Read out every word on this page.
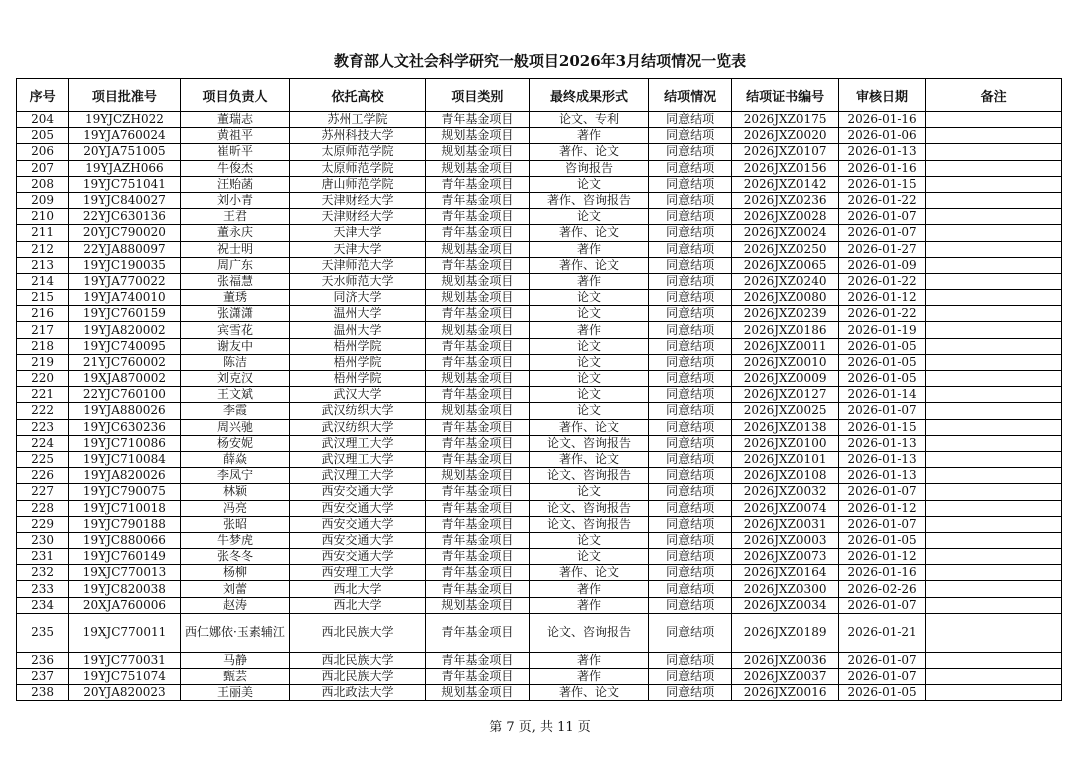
教育部人文社会科学研究一般项目2026年3月结项情况一览表
序号	项目批准号	项目负责人	依托高校	项目类别	最终成果形式	结项情况	结项证书编号	审核日期	备注
204	19YJCZH022	董瑞志	苏州工学院	青年基金项目	论文、专利	同意结项	2026JXZ0175	2026-01-16	
205	19YJA760024	黄祖平	苏州科技大学	规划基金项目	著作	同意结项	2026JXZ0020	2026-01-06	
206	20YJA751005	崔昕平	太原师范学院	规划基金项目	著作、论文	同意结项	2026JXZ0107	2026-01-13	
207	19YJAZH066	牛俊杰	太原师范学院	规划基金项目	咨询报告	同意结项	2026JXZ0156	2026-01-16	
208	19YJC751041	汪贻菡	唐山师范学院	青年基金项目	论文	同意结项	2026JXZ0142	2026-01-15	
209	19YJC840027	刘小青	天津财经大学	青年基金项目	著作、咨询报告	同意结项	2026JXZ0236	2026-01-22	
210	22YJC630136	王君	天津财经大学	青年基金项目	论文	同意结项	2026JXZ0028	2026-01-07	
211	20YJC790020	董永庆	天津大学	青年基金项目	著作、论文	同意结项	2026JXZ0024	2026-01-07	
212	22YJA880097	祝士明	天津大学	规划基金项目	著作	同意结项	2026JXZ0250	2026-01-27	
213	19YJC190035	周广东	天津师范大学	青年基金项目	著作、论文	同意结项	2026JXZ0065	2026-01-09	
214	19YJA770022	张福慧	天水师范大学	规划基金项目	著作	同意结项	2026JXZ0240	2026-01-22	
215	19YJA740010	董琇	同济大学	规划基金项目	论文	同意结项	2026JXZ0080	2026-01-12	
216	19YJC760159	张潇潇	温州大学	青年基金项目	论文	同意结项	2026JXZ0239	2026-01-22	
217	19YJA820002	宾雪花	温州大学	规划基金项目	著作	同意结项	2026JXZ0186	2026-01-19	
218	19YJC740095	谢友中	梧州学院	青年基金项目	论文	同意结项	2026JXZ0011	2026-01-05	
219	21YJC760002	陈洁	梧州学院	青年基金项目	论文	同意结项	2026JXZ0010	2026-01-05	
220	19XJA870002	刘克汉	梧州学院	规划基金项目	论文	同意结项	2026JXZ0009	2026-01-05	
221	22YJC760100	王文斌	武汉大学	青年基金项目	论文	同意结项	2026JXZ0127	2026-01-14	
222	19YJA880026	李霞	武汉纺织大学	规划基金项目	论文	同意结项	2026JXZ0025	2026-01-07	
223	19YJC630236	周兴驰	武汉纺织大学	青年基金项目	著作、论文	同意结项	2026JXZ0138	2026-01-15	
224	19YJC710086	杨安妮	武汉理工大学	青年基金项目	论文、咨询报告	同意结项	2026JXZ0100	2026-01-13	
225	19YJC710084	薛焱	武汉理工大学	青年基金项目	著作、论文	同意结项	2026JXZ0101	2026-01-13	
226	19YJA820026	李凤宁	武汉理工大学	规划基金项目	论文、咨询报告	同意结项	2026JXZ0108	2026-01-13	
227	19YJC790075	林颖	西安交通大学	青年基金项目	论文	同意结项	2026JXZ0032	2026-01-07	
228	19YJC710018	冯亮	西安交通大学	青年基金项目	论文、咨询报告	同意结项	2026JXZ0074	2026-01-12	
229	19YJC790188	张昭	西安交通大学	青年基金项目	论文、咨询报告	同意结项	2026JXZ0031	2026-01-07	
230	19YJC880066	牛梦虎	西安交通大学	青年基金项目	论文	同意结项	2026JXZ0003	2026-01-05	
231	19YJC760149	张冬冬	西安交通大学	青年基金项目	论文	同意结项	2026JXZ0073	2026-01-12	
232	19XJC770013	杨柳	西安理工大学	青年基金项目	著作、论文	同意结项	2026JXZ0164	2026-01-16	
233	19YJC820038	刘蕾	西北大学	青年基金项目	著作	同意结项	2026JXZ0300	2026-02-26	
234	20XJA760006	赵涛	西北大学	规划基金项目	著作	同意结项	2026JXZ0034	2026-01-07	
235	19XJC770011	西仁娜依·玉素辅江	西北民族大学	青年基金项目	论文、咨询报告	同意结项	2026JXZ0189	2026-01-21	
236	19YJC770031	马静	西北民族大学	青年基金项目	著作	同意结项	2026JXZ0036	2026-01-07	
237	19YJC751074	甄芸	西北民族大学	青年基金项目	著作	同意结项	2026JXZ0037	2026-01-07	
238	20YJA820023	王丽美	西北政法大学	规划基金项目	著作、论文	同意结项	2026JXZ0016	2026-01-05	
第 7 页, 共 11 页
